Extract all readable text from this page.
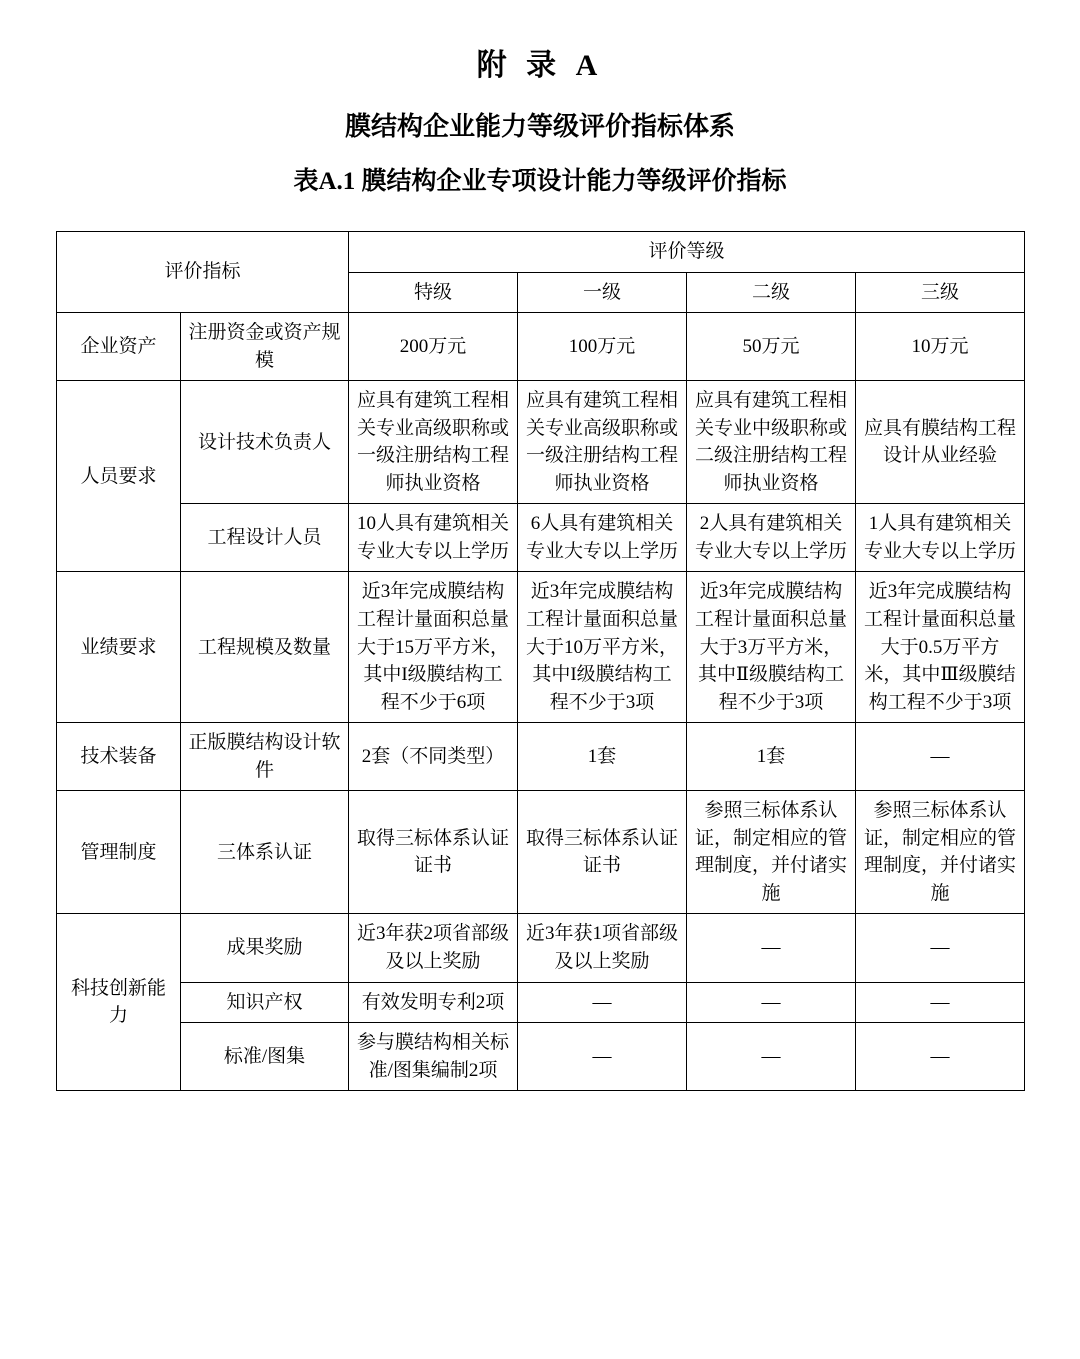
附 录 A
膜结构企业能力等级评价指标体系
表A.1 膜结构企业专项设计能力等级评价指标
评价指标		评价等级			
		特级	一级	二级	三级
企业资产	注册资金或资产规模	200万元	100万元	50万元	10万元
人员要求	设计技术负责人	应具有建筑工程相关专业高级职称或一级注册结构工程师执业资格	应具有建筑工程相关专业高级职称或一级注册结构工程师执业资格	应具有建筑工程相关专业中级职称或二级注册结构工程师执业资格	应具有膜结构工程设计从业经验
	工程设计人员	10人具有建筑相关专业大专以上学历	6人具有建筑相关专业大专以上学历	2人具有建筑相关专业大专以上学历	1人具有建筑相关专业大专以上学历
业绩要求	工程规模及数量	近3年完成膜结构工程计量面积总量大于15万平方米，其中I级膜结构工程不少于6项	近3年完成膜结构工程计量面积总量大于10万平方米，其中I级膜结构工程不少于3项	近3年完成膜结构工程计量面积总量大于3万平方米，其中Ⅱ级膜结构工程不少于3项	近3年完成膜结构工程计量面积总量大于0.5万平方米，其中Ⅲ级膜结构工程不少于3项
技术装备	正版膜结构设计软件	2套（不同类型）	1套	1套	—
管理制度	三体系认证	取得三标体系认证证书	取得三标体系认证证书	参照三标体系认证，制定相应的管理制度，并付诸实施	参照三标体系认证，制定相应的管理制度，并付诸实施
科技创新能力	成果奖励	近3年获2项省部级及以上奖励	近3年获1项省部级及以上奖励	—	—
	知识产权	有效发明专利2项	—	—	—
	标准/图集	参与膜结构相关标准/图集编制2项	—	—	—
